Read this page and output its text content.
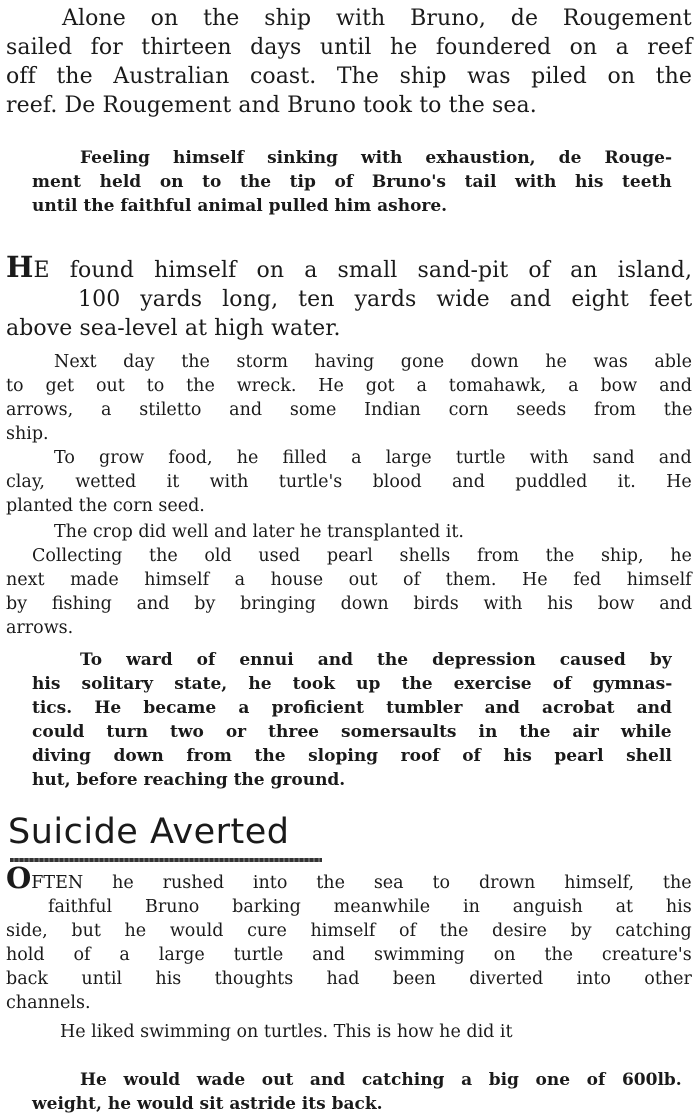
Alone on the ship with Bruno, de Rougement
sailed for thirteen days until he foundered on a reef
off the Australian coast. The ship was piled on the
reef. De Rougement and Bruno took to the sea.

Feeling himself sinking with exhaustion, de Rouge-
ment held on to the tip of Bruno's tail with his teeth
until the faithful animal pulled him ashore.

HE found himself on a small sand-pit of an island,
100 yards long, ten yards wide and eight feet
above sea-level at high water.

Next day the storm having gone down he was able
to get out to the wreck. He got a tomahawk, a bow and
arrows, a stiletto and some Indian corn seeds from the
ship.

To grow food, he filled a large turtle with sand and
clay, wetted it with turtle's blood and puddled it. He
planted the corn seed.

The crop did well and later he transplanted it.

Collecting the old used pearl shells from the ship, he
next made himself a house out of them. He fed himself
by fishing and by bringing down birds with his bow and
arrows.

To ward of ennui and the depression caused by
his solitary state, he took up the exercise of gymnas-
tics. He became a proficient tumbler and acrobat and
could turn two or three somersaults in the air while
diving down from the sloping roof of his pearl shell
hut, before reaching the ground.

Suicide Averted

OFTEN he rushed into the sea to drown himself, the
faithful Bruno barking meanwhile in anguish at his
side, but he would cure himself of the desire by catching
hold of a large turtle and swimming on the creature's
back until his thoughts had been diverted into other
channels.

He liked swimming on turtles. This is how he did it

He would wade out and catching a big one of 600lb.
weight, he would sit astride its back.
